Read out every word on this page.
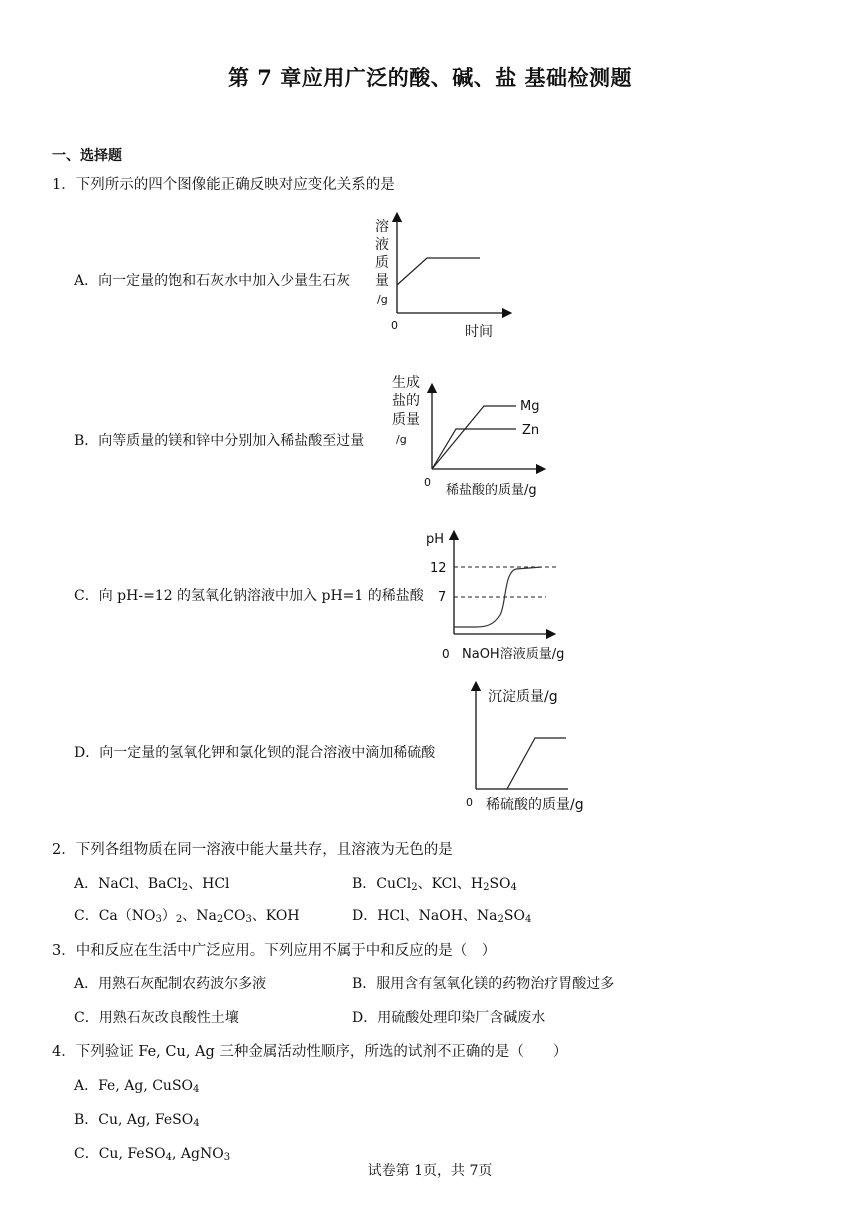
第 7 章应用广泛的酸、碱、盐 基础检测题
一、选择题
1．下列所示的四个图像能正确反映对应变化关系的是
A．向一定量的饱和石灰水中加入少量生石灰
溶
液
质
量
/g
0	时间
B．向等质量的镁和锌中分别加入稀盐酸至过量
生成
盐的
质量
/g
Mg
Zn
0
稀盐酸的质量/g
C．向 pH-=12 的氢氧化钠溶液中加入 pH=1 的稀盐酸
pH
12
7
0 NaOH溶液质量/g
D．向一定量的氢氧化钾和氯化钡的混合溶液中滴加稀硫酸
沉淀质量/g
0 稀硫酸的质量/g
2．下列各组物质在同一溶液中能大量共存，且溶液为无色的是
A．NaCl、BaCl$_2$、HCl	B．CuCl$_2$、KCl、$H_2SO_4$
C．$Ca(NO_3)_2$、$Na_2CO_3$、KOH	D．HCl、NaOH、$Na_2SO_4$
3．中和反应在生活中广泛应用。下列应用不属于中和反应的是（　）
A．用熟石灰配制农药波尔多液	B．服用含有氢氧化镁的药物治疗胃酸过多
C．用熟石灰改良酸性土壤	D．用硫酸处理印染厂含碱废水
4．下列验证 Fe, Cu, Ag 三种金属活动性顺序，所选的试剂不正确的是（　　）
A．Fe, Ag, CuSO$_4$
B．Cu, Ag, FeSO$_4$
C．Cu, FeSO$_4$, AgNO$_3$
试卷第 1页，共 7页
